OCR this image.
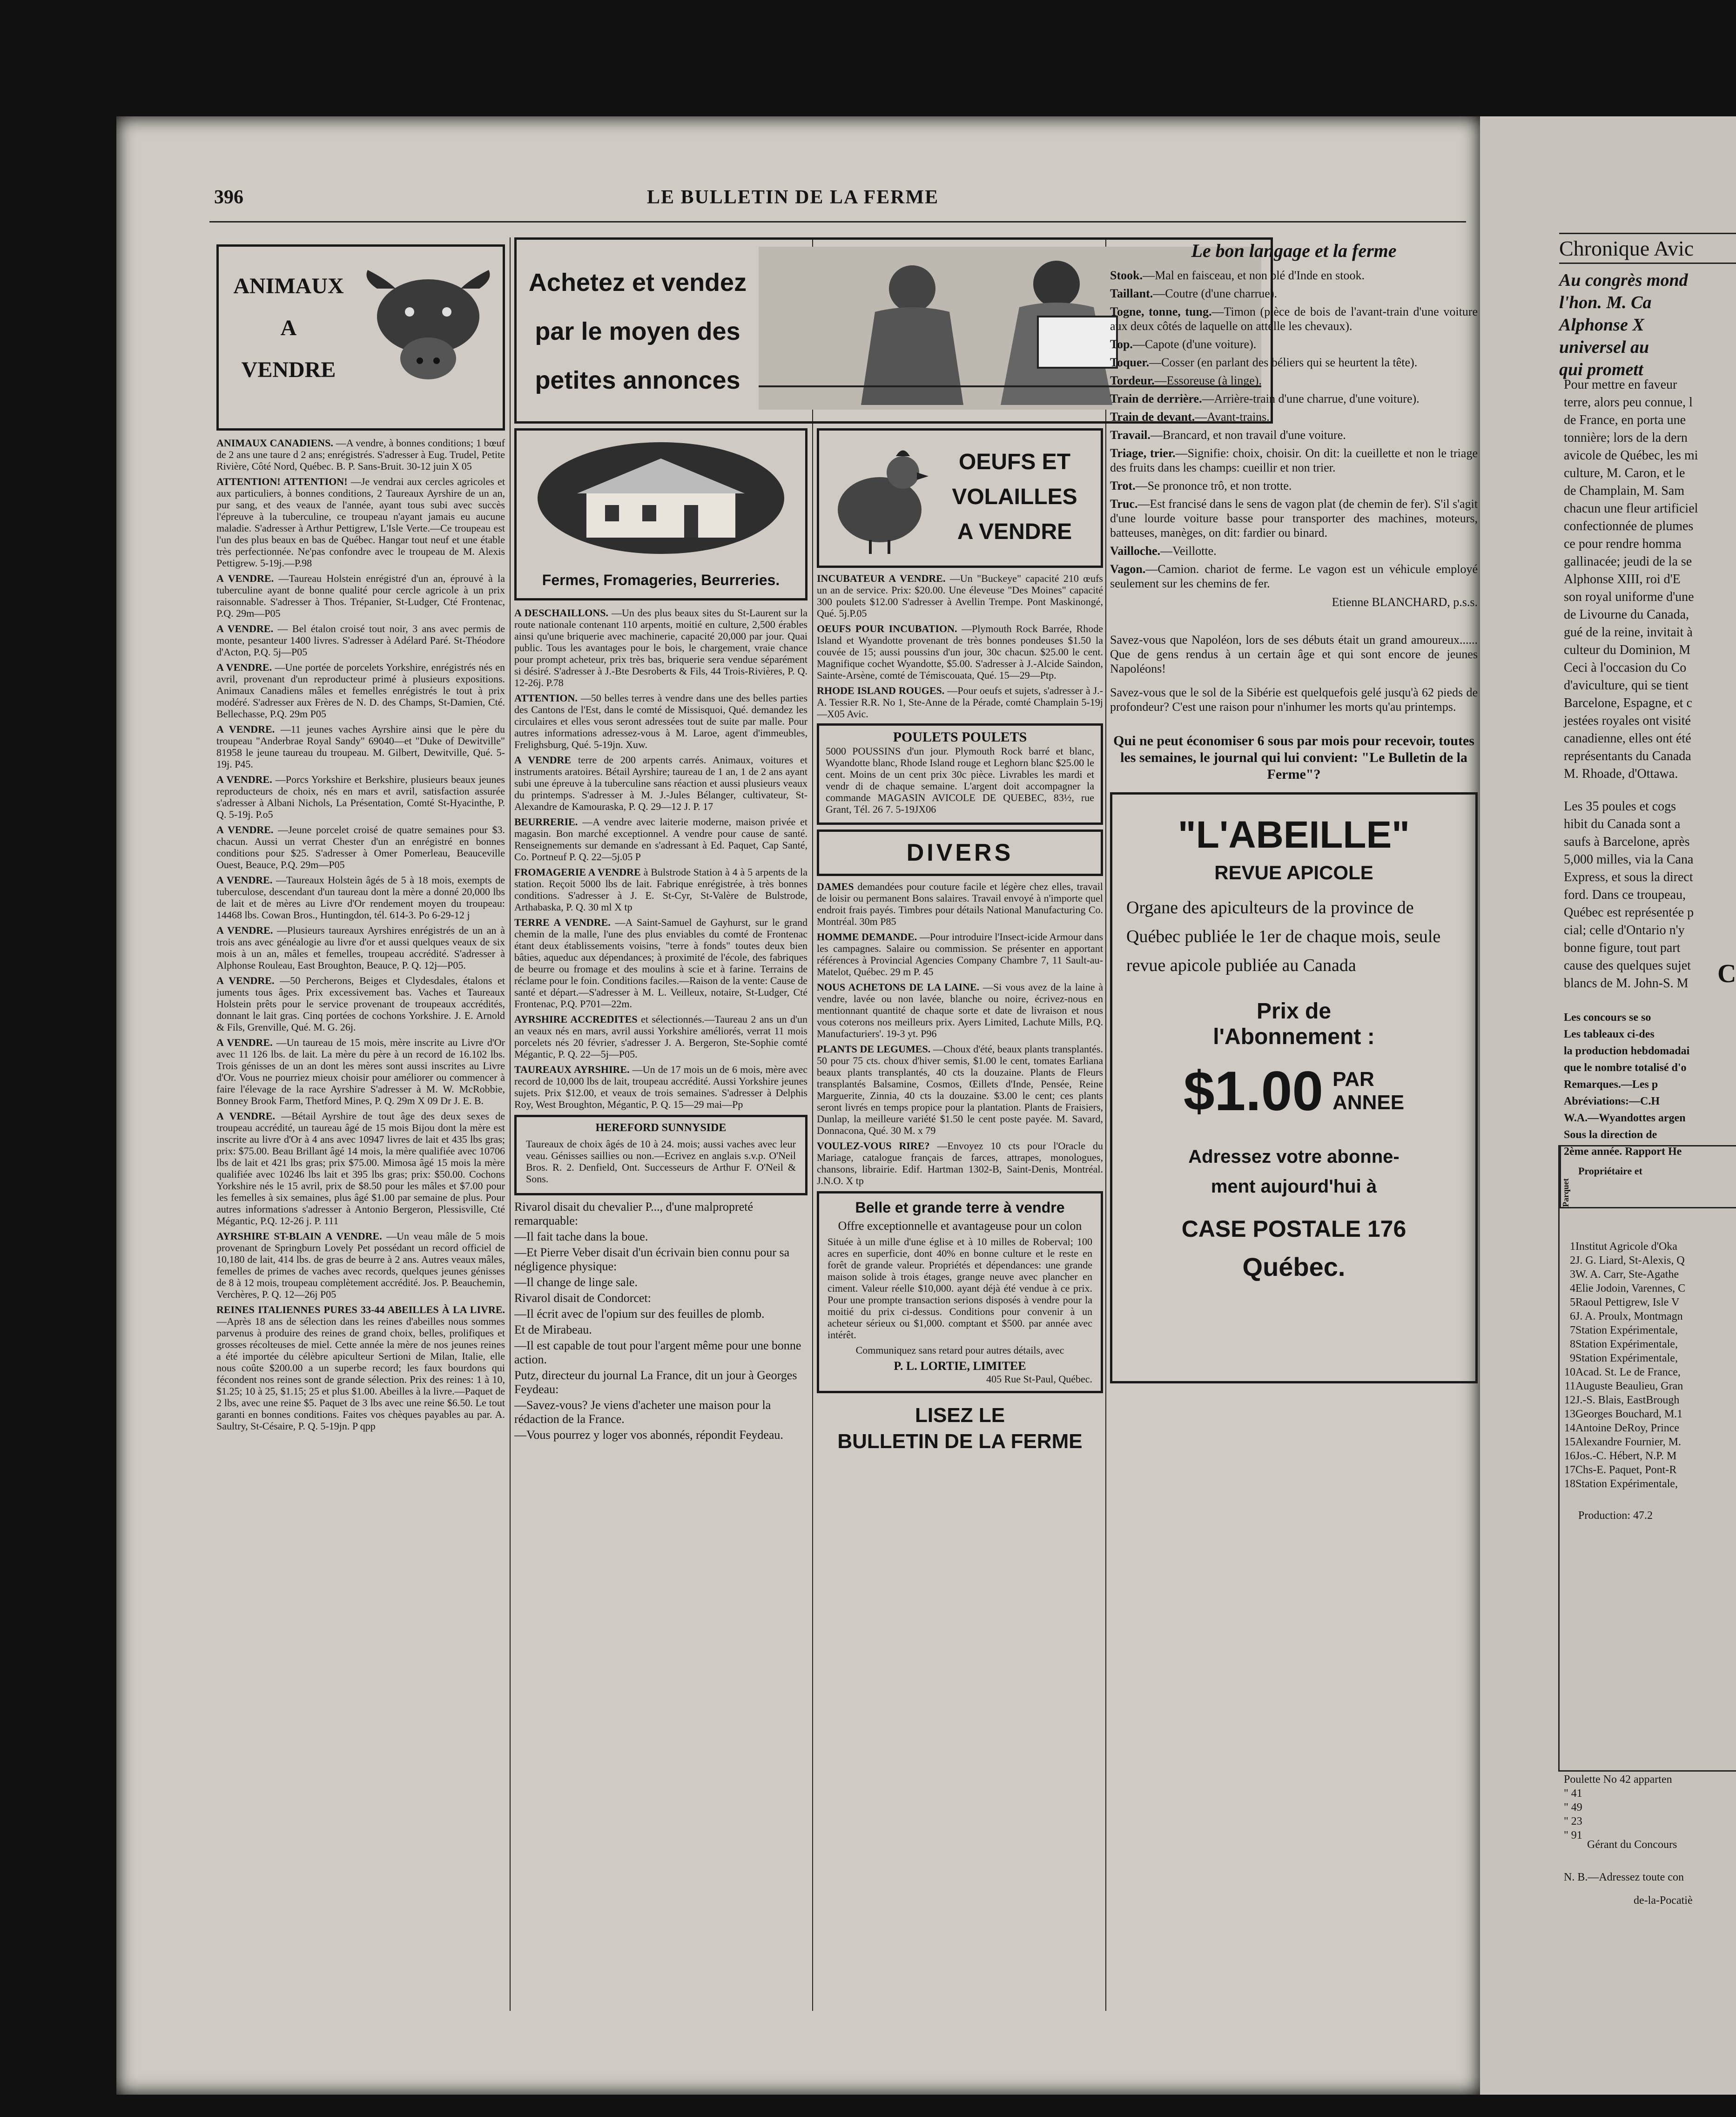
396	LE BULLETIN DE LA FERME
ANIMAUX
A
VENDRE
ANIMAUX CANADIENS. —A vendre, à bonnes conditions; 1 bœuf de 2 ans une taure d 2 ans; enrégistrés. S'adresser à Eug. Trudel, Petite Rivière, Côté Nord, Québec. B. P. Sans-Bruit. 30-12 juin X 05
ATTENTION! ATTENTION! —Je vendrai aux cercles agricoles et aux particuliers, à bonnes conditions, 2 Taureaux Ayrshire de un an, pur sang, et des veaux de l'année, ayant tous subi avec succès l'épreuve à la tuberculine, ce troupeau n'ayant jamais eu aucune maladie. S'adresser à Arthur Pettigrew, L'Isle Verte.—Ce troupeau est l'un des plus beaux en bas de Québec. Hangar tout neuf et une étable très perfectionnée. Ne'pas confondre avec le troupeau de M. Alexis Pettigrew. 5-19j.—P.98
A VENDRE. —Taureau Holstein enrégistré d'un an, éprouvé à la tuberculine ayant de bonne qualité pour cercle agricole à un prix raisonnable. S'adresser à Thos. Trépanier, St-Ludger, Cté Frontenac, P.Q. 29m—P05
A VENDRE. — Bel étalon croisé tout noir, 3 ans avec permis de monte, pesanteur 1400 livres. S'adresser à Adélard Paré. St-Théodore d'Acton, P.Q. 5j—P05
A VENDRE. —Une portée de porcelets Yorkshire, enrégistrés nés en avril, provenant d'un reproducteur primé à plusieurs expositions. Animaux Canadiens mâles et femelles enrégistrés le tout à prix modéré. S'adresser aux Frères de N. D. des Champs, St-Damien, Cté. Bellechasse, P.Q. 29m P05
A VENDRE. —11 jeunes vaches Ayrshire ainsi que le père du troupeau "Anderbrae Royal Sandy" 69040—et "Duke of Dewitville" 81958 le jeune taureau du troupeau. M. Gilbert, Dewitville, Qué. 5-19j. P45.
A VENDRE. —Porcs Yorkshire et Berkshire, plusieurs beaux jeunes reproducteurs de choix, nés en mars et avril, satisfaction assurée s'adresser à Albani Nichols, La Présentation, Comté St-Hyacinthe, P. Q. 5-19j. P.o5
A VENDRE. —Jeune porcelet croisé de quatre semaines pour $3. chacun. Aussi un verrat Chester d'un an enrégistré en bonnes conditions pour $25. S'adresser à Omer Pomerleau, Beauceville Ouest, Beauce, P.Q. 29m—P05
A VENDRE. —Taureaux Holstein âgés de 5 à 18 mois, exempts de tuberculose, descendant d'un taureau dont la mère a donné 20,000 lbs de lait et de mères au Livre d'Or rendement moyen du troupeau: 14468 lbs. Cowan Bros., Huntingdon, tél. 614-3. Po 6-29-12 j
A VENDRE. —Plusieurs taureaux Ayrshires enrégistrés de un an à trois ans avec généalogie au livre d'or et aussi quelques veaux de six mois à un an, mâles et femelles, troupeau accrédité. S'adresser à Alphonse Rouleau, East Broughton, Beauce, P. Q. 12j—P05.
A VENDRE. —50 Percherons, Beiges et Clydesdales, étalons et juments tous âges. Prix excessivement bas. Vaches et Taureaux Holstein prêts pour le service provenant de troupeaux accrédités, donnant le lait gras. Cinq portées de cochons Yorkshire. J. E. Arnold & Fils, Grenville, Qué. M. G. 26j.
A VENDRE. —Un taureau de 15 mois, mère inscrite au Livre d'Or avec 11 126 lbs. de lait. La mère du père à un record de 16.102 lbs. Trois génisses de un an dont les mères sont aussi inscrites au Livre d'Or. Vous ne pourriez mieux choisir pour améliorer ou commencer à faire l'élevage de la race Ayrshire S'adresser à M. W. McRobbie, Bonney Brook Farm, Thetford Mines, P. Q. 29m X 09 Dr J. E. B.
A VENDRE. —Bétail Ayrshire de tout âge des deux sexes de troupeau accrédité, un taureau âgé de 15 mois Bijou dont la mère est inscrite au livre d'Or à 4 ans avec 10947 livres de lait et 435 lbs gras; prix: $75.00. Beau Brillant âgé 14 mois, la mère qualifiée avec 10706 lbs de lait et 421 lbs gras; prix $75.00. Mimosa âgé 15 mois la mère qualifiée avec 10246 lbs lait et 395 lbs gras; prix: $50.00. Cochons Yorkshire nés le 15 avril, prix de $8.50 pour les mâles et $7.00 pour les femelles à six semaines, plus âgé $1.00 par semaine de plus. Pour autres informations s'adresser à Antonio Bergeron, Plessisville, Cté Mégantic, P.Q. 12-26 j. P. 111
AYRSHIRE ST-BLAIN A VENDRE. —Un veau mâle de 5 mois provenant de Springburn Lovely Pet possédant un record officiel de 10,180 de lait, 414 lbs. de gras de beurre à 2 ans. Autres veaux mâles, femelles de primes de vaches avec records, quelques jeunes génisses de 8 à 12 mois, troupeau complètement accrédité. Jos. P. Beauchemin, Verchères, P. Q. 12—26j P05
REINES ITALIENNES PURES 33-44 ABEILLES À LA LIVRE. —Après 18 ans de sélection dans les reines d'abeilles nous sommes parvenus à produire des reines de grand choix, belles, prolifiques et grosses récolteuses de miel. Cette année la mère de nos jeunes reines a été importée du célèbre apiculteur Sertioni de Milan, Italie, elle nous coûte $200.00 a un superbe record; les faux bourdons qui fécondent nos reines sont de grande sélection. Prix des reines: 1 à 10, $1.25; 10 à 25, $1.15; 25 et plus $1.00. Abeilles à la livre.—Paquet de 2 lbs, avec une reine $5. Paquet de 3 lbs avec une reine $6.50. Le tout garanti en bonnes conditions. Faites vos chèques payables au par. A. Saultry, St-Césaire, P. Q. 5-19jn. P qpp
Achetez et vendez
par le moyen des
petites annonces
Fermes, Fromageries, Beurreries.
A DESCHAILLONS. —Un des plus beaux sites du St-Laurent sur la route nationale contenant 110 arpents, moitié en culture, 2,500 érables ainsi qu'une briquerie avec machinerie, capacité 20,000 par jour. Quai public. Tous les avantages pour le bois, le chargement, vraie chance pour prompt acheteur, prix très bas, briquerie sera vendue séparément si désiré. S'adresser à J.-Bte Desroberts & Fils, 44 Trois-Rivières, P. Q. 12-26j. P.78
ATTENTION. —50 belles terres à vendre dans une des belles parties des Cantons de l'Est, dans le comté de Missisquoi, Qué. demandez les circulaires et elles vous seront adressées tout de suite par malle. Pour autres informations adressez-vous à M. Laroe, agent d'immeubles, Frelighsburg, Qué. 5-19jn. Xuw.
A VENDRE terre de 200 arpents carrés. Animaux, voitures et instruments aratoires. Bétail Ayrshire; taureau de 1 an, 1 de 2 ans ayant subi une épreuve à la tuberculine sans réaction et aussi plusieurs veaux du printemps. S'adresser à M. J.-Jules Bélanger, cultivateur, St-Alexandre de Kamouraska, P. Q. 29—12 J. P. 17
BEURRERIE. —A vendre avec laiterie moderne, maison privée et magasin. Bon marché exceptionnel. A vendre pour cause de santé. Renseignements sur demande en s'adressant à Ed. Paquet, Cap Santé, Co. Portneuf P. Q. 22—5j.05 P
FROMAGERIE A VENDRE à Bulstrode Station à 4 à 5 arpents de la station. Reçoit 5000 lbs de lait. Fabrique enrégistrée, à très bonnes conditions. S'adresser à J. E. St-Cyr, St-Valère de Bulstrode, Arthabaska, P. Q. 30 ml X tp
TERRE A VENDRE. —A Saint-Samuel de Gayhurst, sur le grand chemin de la malle, l'une des plus enviables du comté de Frontenac étant deux établissements voisins, "terre à fonds" toutes deux bien bâties, aqueduc aux dépendances; à proximité de l'école, des fabriques de beurre ou fromage et des moulins à scie et à farine. Terrains de réclame pour le foin. Conditions faciles.—Raison de la vente: Cause de santé et départ.—S'adresser à M. L. Veilleux, notaire, St-Ludger, Cté Frontenac, P.Q. P701—22m.
AYRSHIRE ACCREDITES et sélectionnés.—Taureau 2 ans un d'un an veaux nés en mars, avril aussi Yorkshire améliorés, verrat 11 mois porcelets nés 20 février, s'adresser J. A. Bergeron, Ste-Sophie comté Mégantic, P. Q. 22—5j—P05.
TAUREAUX AYRSHIRE. —Un de 17 mois un de 6 mois, mère avec record de 10,000 lbs de lait, troupeau accrédité. Aussi Yorkshire jeunes sujets. Prix $12.00, et veaux de trois semaines. S'adresser à Delphis Roy, West Broughton, Mégantic, P. Q. 15—29 mai—Pp
HEREFORD SUNNYSIDE
Taureaux de choix âgés de 10 à 24. mois; aussi vaches avec leur veau. Génisses saillies ou non.—Ecrivez en anglais s.v.p. O'Neil Bros. R. 2. Denfield, Ont. Successeurs de Arthur F. O'Neil & Sons.
Rivarol disait du chevalier P..., d'une malpropreté remarquable:
—Il fait tache dans la boue.
—Et Pierre Veber disait d'un écrivain bien connu pour sa négligence physique:
—Il change de linge sale.
Rivarol disait de Condorcet:
—Il écrit avec de l'opium sur des feuilles de plomb.
Et de Mirabeau.
—Il est capable de tout pour l'argent même pour une bonne action.
Putz, directeur du journal La France, dit un jour à Georges Feydeau:
—Savez-vous? Je viens d'acheter une maison pour la rédaction de la France.
—Vous pourrez y loger vos abonnés, répondit Feydeau.
OEUFS ET
VOLAILLES
A VENDRE
INCUBATEUR A VENDRE. —Un "Buckeye" capacité 210 œufs un an de service. Prix: $20.00. Une éleveuse "Des Moines" capacité 300 poulets $12.00 S'adresser à Avellin Trempe. Pont Maskinongé, Qué. 5j.P.05
OEUFS POUR INCUBATION. —Plymouth Rock Barrée, Rhode Island et Wyandotte provenant de très bonnes pondeuses $1.50 la couvée de 15; aussi poussins d'un jour, 30c chacun. $25.00 le cent. Magnifique cochet Wyandotte, $5.00. S'adresser à J.-Alcide Saindon, Sainte-Arsène, comté de Témiscouata, Qué. 15—29—Ptp.
RHODE ISLAND ROUGES. —Pour oeufs et sujets, s'adresser à J.-A. Tessier R.R. No 1, Ste-Anne de la Pérade, comté Champlain 5-19j—X05 Avic.
POULETS POULETS
5000 POUSSINS d'un jour. Plymouth Rock barré et blanc, Wyandotte blanc, Rhode Island rouge et Leghorn blanc $25.00 le cent. Moins de un cent prix 30c pièce. Livrables les mardi et vendr di de chaque semaine. L'argent doit accompagner la commande MAGASIN AVICOLE DE QUEBEC, 83½, rue Grant, Tél. 26 7. 5-19JX06
DIVERS
DAMES demandées pour couture facile et légère chez elles, travail de loisir ou permanent Bons salaires. Travail envoyé à n'importe quel endroit frais payés. Timbres pour détails National Manufacturing Co. Montréal. 30m P85
HOMME DEMANDE. —Pour introduire l'Insect-icide Armour dans les campagnes. Salaire ou commission. Se présenter en apportant références à Provincial Agencies Company Chambre 7, 11 Sault-au-Matelot, Québec. 29 m P. 45
NOUS ACHETONS DE LA LAINE. —Si vous avez de la laine à vendre, lavée ou non lavée, blanche ou noire, écrivez-nous en mentionnant quantité de chaque sorte et date de livraison et nous vous coterons nos meilleurs prix. Ayers Limited, Lachute Mills, P.Q. Manufacturiers'. 19-3 yt. P96
PLANTS DE LEGUMES. —Choux d'été, beaux plants transplantés. 50 pour 75 cts. choux d'hiver semis, $1.00 le cent, tomates Earliana beaux plants transplantés, 40 cts la douzaine. Plants de Fleurs transplantés Balsamine, Cosmos, Œillets d'Inde, Pensée, Reine Marguerite, Zinnia, 40 cts la douzaine. $3.00 le cent; ces plants seront livrés en temps propice pour la plantation. Plants de Fraisiers, Dunlap, la meilleure variété $1.50 le cent poste payée. M. Savard, Donnacona, Qué. 30 M. x 79
VOULEZ-VOUS RIRE? —Envoyez 10 cts pour l'Oracle du Mariage, catalogue français de farces, attrapes, monologues, chansons, librairie. Edif. Hartman 1302-B, Saint-Denis, Montréal. J.N.O. X tp
Belle et grande terre à vendre
Offre exceptionnelle et avantageuse pour un colon
Située à un mille d'une église et à 10 milles de Roberval; 100 acres en superficie, dont 40% en bonne culture et le reste en forêt de grande valeur. Propriétés et dépendances: une grande maison solide à trois étages, grange neuve avec plancher en ciment. Valeur réelle $10,000. ayant déjà été vendue à ce prix. Pour une prompte transaction serions disposés à vendre pour la moitié du prix ci-dessus. Conditions pour convenir à un acheteur sérieux ou $1,000. comptant et $500. par année avec intérêt.
Communiquez sans retard pour autres détails, avec
P. L. LORTIE, LIMITEE
405 Rue St-Paul, Québec.
LISEZ LE
BULLETIN DE LA FERME
Le bon langage et la ferme
Stook.—Mal en faisceau, et non blé d'Inde en stook.
Taillant.—Coutre (d'une charrue).
Togne, tonne, tung.—Timon (pièce de bois de l'avant-train d'une voiture aux deux côtés de laquelle on attelle les chevaux).
Top.—Capote (d'une voiture).
Toquer.—Cosser (en parlant des béliers qui se heurtent la tête).
Tordeur.—Essoreuse (à linge).
Train de derrière.—Arrière-train d'une charrue, d'une voiture).
Train de devant.—Avant-trains.
Travail.—Brancard, et non travail d'une voiture.
Triage, trier.—Signifie: choix, choisir. On dit: la cueillette et non le triage des fruits dans les champs: cueillir et non trier.
Trot.—Se prononce trô, et non trotte.
Truc.—Est francisé dans le sens de vagon plat (de chemin de fer). S'il s'agit d'une lourde voiture basse pour transporter des machines, moteurs, batteuses, manèges, on dit: fardier ou binard.
Vailloche.—Veillotte.
Vagon.—Camion. chariot de ferme. Le vagon est un véhicule employé seulement sur les chemins de fer.
Etienne BLANCHARD, p.s.s.
Savez-vous que Napoléon, lors de ses débuts était un grand amoureux...... Que de gens rendus à un certain âge et qui sont encore de jeunes Napoléons!
Savez-vous que le sol de la Sibérie est quelquefois gelé jusqu'à 62 pieds de profondeur? C'est une raison pour n'inhumer les morts qu'au printemps.
Qui ne peut économiser 6 sous par mois pour recevoir, toutes les semaines, le journal qui lui convient: "Le Bulletin de la Ferme"?
"L'ABEILLE"
REVUE APICOLE
Organe des apiculteurs de la province de Québec publiée le 1er de chaque mois, seule revue apicole publiée au Canada
Prix de
l'Abonnement :
$1.00 PAR
ANNEE
Adressez votre abonne-
ment aujourd'hui à
CASE POSTALE 176
Québec.
Chronique Avic
Au congrès mond
l'hon. M. Ca
Alphonse X
universel au
qui promett
Pour mettre en faveur
terre, alors peu connue, l
de France, en porta une
tonnière; lors de la dern
avicole de Québec, les mi
culture, M. Caron, et le
de Champlain, M. Sam
chacun une fleur artificiel
confectionnée de plumes
ce pour rendre homma
gallinacée; jeudi de la se
Alphonse XIII, roi d'E
son royal uniforme d'une
de Livourne du Canada,
gué de la reine, invitait à
culteur du Dominion, M
Ceci à l'occasion du Co
d'aviculture, qui se tient
Barcelone, Espagne, et c
jestées royales ont visité
canadienne, elles ont été
représentants du Canada
M. Rhoade, d'Ottawa.
Les 35 poules et cogs
hibit du Canada sont a
saufs à Barcelone, après
5,000 milles, via la Cana
Express, et sous la direct
ford. Dans ce troupeau,
Québec est représentée p
cial; celle d'Ontario n'y
bonne figure, tout part
cause des quelques sujet
blancs de M. John-S. M	C
Les concours se so
Les tableaux ci-des
la production hebdomadai
que le nombre totalisé d'o
Remarques.—Les p
Abréviations:—C.H
W.A.—Wyandottes argen
Sous la direction de
2ème année. Rapport He
Parquet
Propriétaire et
1Institut Agricole d'Oka
2J. G. Liard, St-Alexis, Q
3W. A. Carr, Ste-Agathe
4Elie Jodoin, Varennes, C
5Raoul Pettigrew, Isle V
6J. A. Proulx, Montmagn
7Station Expérimentale,
8Station Expérimentale,
9Station Expérimentale,
10Acad. St. Le de France,
11Auguste Beaulieu, Gran
12J.-S. Blais, EastBrough
13Georges Bouchard, M.1
14Antoine DeRoy, Prince
15Alexandre Fournier, M.
16Jos.-C. Hébert, N.P. M
17Chs-E. Paquet, Pont-R
18Station Expérimentale,
Production: 47.2
Poulette No 42 apparten
" 41
" 49
" 23
" 91
Gérant du Concours
N. B.—Adressez toute con
de-la-Pocatiè
